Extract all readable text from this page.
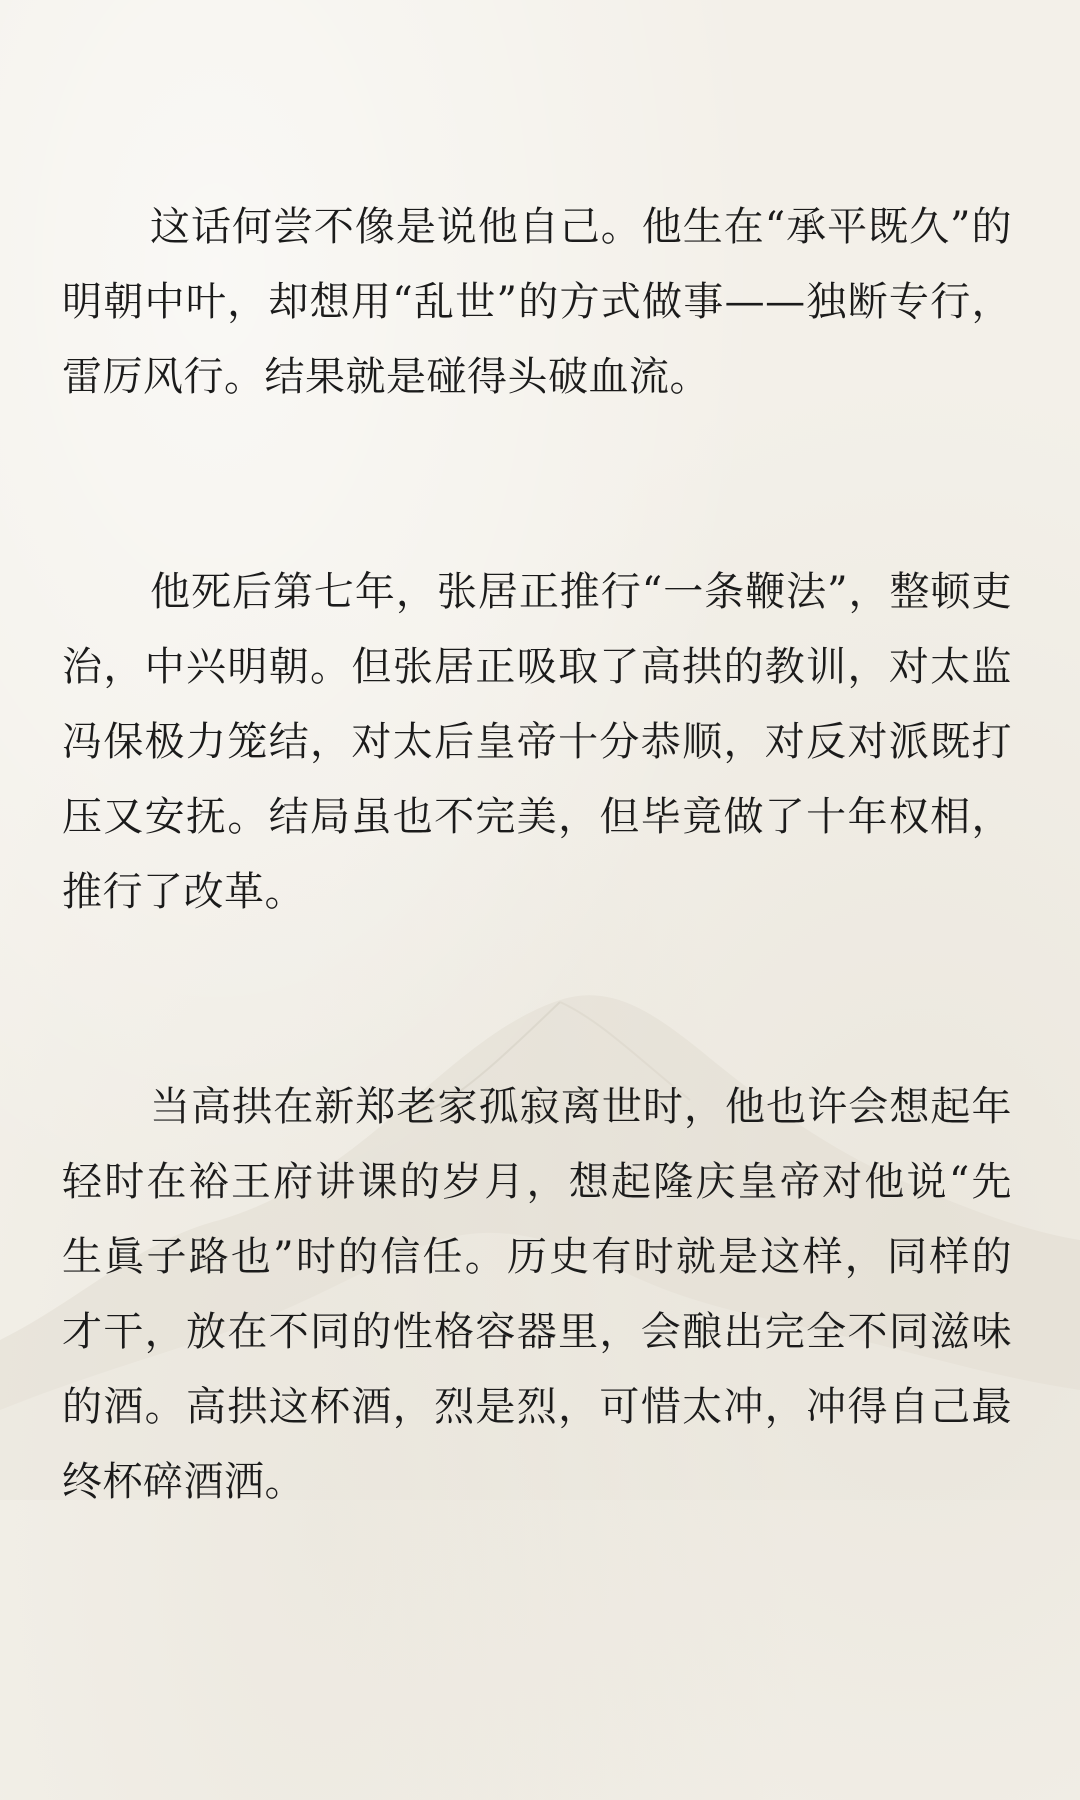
这话何尝不像是说他自己。他生在“承平既久”的明朝中叶，却想用“乱世”的方式做事——独断专行，雷厉风行。结果就是碰得头破血流。

他死后第七年，张居正推行“一条鞭法”，整顿吏治，中兴明朝。但张居正吸取了高拱的教训，对太监冯保极力笼结，对太后皇帝十分恭顺，对反对派既打压又安抚。结局虽也不完美，但毕竟做了十年权相，推行了改革。

当高拱在新郑老家孤寂离世时，他也许会想起年轻时在裕王府讲课的岁月，想起隆庆皇帝对他说“先生眞子路也”时的信任。历史有时就是这样，同样的才干，放在不同的性格容器里，会酿出完全不同滋味的酒。高拱这杯酒，烈是烈，可惜太冲，冲得自己最终杯碎酒洒。
